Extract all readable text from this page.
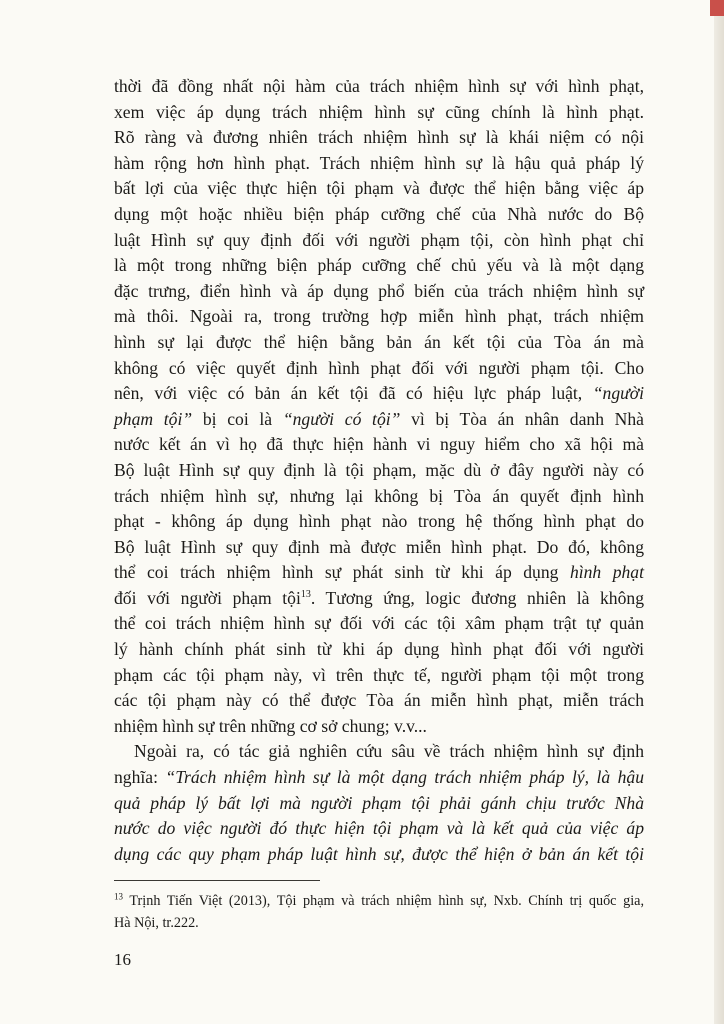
thời đã đồng nhất nội hàm của trách nhiệm hình sự với hình phạt,
xem việc áp dụng trách nhiệm hình sự cũng chính là hình phạt.
Rõ ràng và đương nhiên trách nhiệm hình sự là khái niệm có nội
hàm rộng hơn hình phạt. Trách nhiệm hình sự là hậu quả pháp lý
bất lợi của việc thực hiện tội phạm và được thể hiện bằng việc áp
dụng một hoặc nhiều biện pháp cưỡng chế của Nhà nước do Bộ
luật Hình sự quy định đối với người phạm tội, còn hình phạt chỉ
là một trong những biện pháp cưỡng chế chủ yếu và là một dạng
đặc trưng, điển hình và áp dụng phổ biến của trách nhiệm hình sự
mà thôi. Ngoài ra, trong trường hợp miễn hình phạt, trách nhiệm
hình sự lại được thể hiện bằng bản án kết tội của Tòa án mà
không có việc quyết định hình phạt đối với người phạm tội. Cho
nên, với việc có bản án kết tội đã có hiệu lực pháp luật, “người
phạm tội” bị coi là “người có tội” vì bị Tòa án nhân danh Nhà
nước kết án vì họ đã thực hiện hành vi nguy hiểm cho xã hội mà
Bộ luật Hình sự quy định là tội phạm, mặc dù ở đây người này có
trách nhiệm hình sự, nhưng lại không bị Tòa án quyết định hình
phạt - không áp dụng hình phạt nào trong hệ thống hình phạt do
Bộ luật Hình sự quy định mà được miễn hình phạt. Do đó, không
thể coi trách nhiệm hình sự phát sinh từ khi áp dụng hình phạt
đối với người phạm tội$^{13}$. Tương ứng, logic đương nhiên là không
thể coi trách nhiệm hình sự đối với các tội xâm phạm trật tự quản
lý hành chính phát sinh từ khi áp dụng hình phạt đối với người
phạm các tội phạm này, vì trên thực tế, người phạm tội một trong
các tội phạm này có thể được Tòa án miễn hình phạt, miễn trách
nhiệm hình sự trên những cơ sở chung; v.v...
Ngoài ra, có tác giả nghiên cứu sâu về trách nhiệm hình sự định
nghĩa: “Trách nhiệm hình sự là một dạng trách nhiệm pháp lý, là hậu
quả pháp lý bất lợi mà người phạm tội phải gánh chịu trước Nhà
nước do việc người đó thực hiện tội phạm và là kết quả của việc áp
dụng các quy phạm pháp luật hình sự, được thể hiện ở bản án kết tội
$^{13}$ Trịnh Tiến Việt (2013), Tội phạm và trách nhiệm hình sự, Nxb. Chính trị quốc gia,
Hà Nội, tr.222.
16
